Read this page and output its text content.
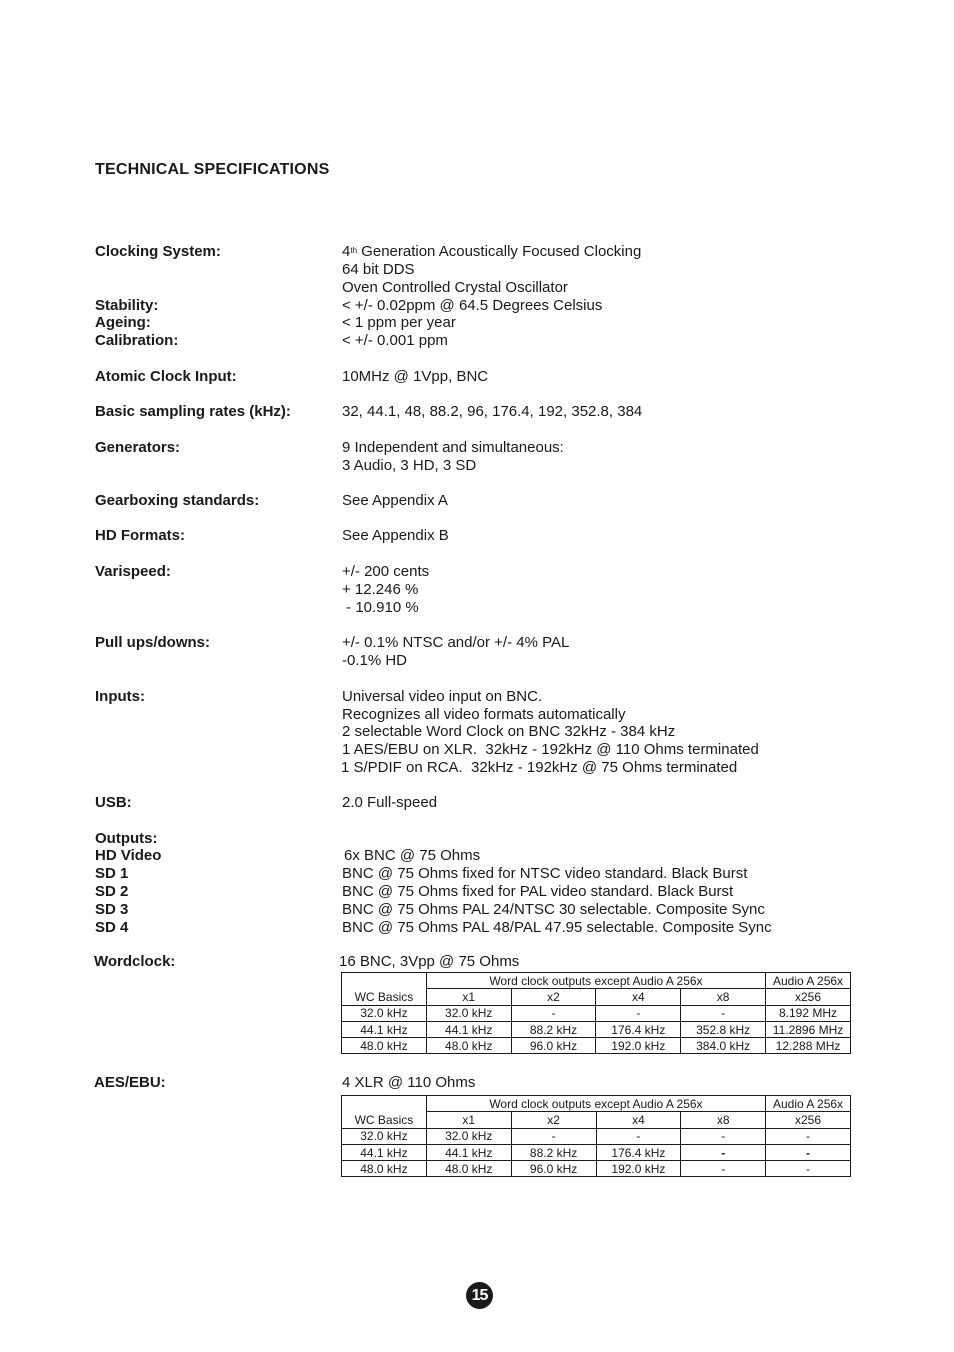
TECHNICAL SPECIFICATIONS
Clocking System:	4th Generation Acoustically Focused Clocking
64 bit DDS
Oven Controlled Crystal Oscillator
Stability:	< +/- 0.02ppm @ 64.5 Degrees Celsius
Ageing:	< 1 ppm per year
Calibration:	< +/- 0.001 ppm
Atomic Clock Input:	10MHz @ 1Vpp, BNC
Basic sampling rates (kHz):	32, 44.1, 48, 88.2, 96, 176.4, 192, 352.8, 384
Generators:	9 Independent and simultaneous:
3 Audio, 3 HD, 3 SD
Gearboxing standards:	See Appendix A
HD Formats:	See Appendix B
Varispeed:	+/- 200 cents
+ 12.246 %
- 10.910 %
Pull ups/downs:	+/- 0.1% NTSC and/or +/- 4% PAL
-0.1% HD
Inputs:	Universal video input on BNC.
Recognizes all video formats automatically
2 selectable Word Clock on BNC 32kHz - 384 kHz
1 AES/EBU on XLR.  32kHz - 192kHz @ 110 Ohms terminated
1 S/PDIF on RCA.  32kHz - 192kHz @ 75 Ohms terminated
USB:	2.0 Full-speed
Outputs:
HD Video	6x BNC @ 75 Ohms
SD 1	BNC @ 75 Ohms fixed for NTSC video standard. Black Burst
SD 2	BNC @ 75 Ohms fixed for PAL video standard. Black Burst
SD 3	BNC @ 75 Ohms PAL 24/NTSC 30 selectable. Composite Sync
SD 4	BNC @ 75 Ohms PAL 48/PAL 47.95 selectable. Composite Sync
Wordclock:	16 BNC, 3Vpp @ 75 Ohms
	Word clock outputs except Audio A 256x				Audio A 256x
WC Basics	x1	x2	x4	x8	x256
32.0 kHz	32.0 kHz	-	-	-	8.192 MHz
44.1 kHz	44.1 kHz	88.2 kHz	176.4 kHz	352.8 kHz	11.2896 MHz
48.0 kHz	48.0 kHz	96.0 kHz	192.0 kHz	384.0 kHz	12.288 MHz
AES/EBU:	4 XLR @ 110 Ohms
	Word clock outputs except Audio A 256x				Audio A 256x
WC Basics	x1	x2	x4	x8	x256
32.0 kHz	32.0 kHz	-	-	-	-
44.1 kHz	44.1 kHz	88.2 kHz	176.4 kHz	-	-
48.0 kHz	48.0 kHz	96.0 kHz	192.0 kHz	-	-
15
